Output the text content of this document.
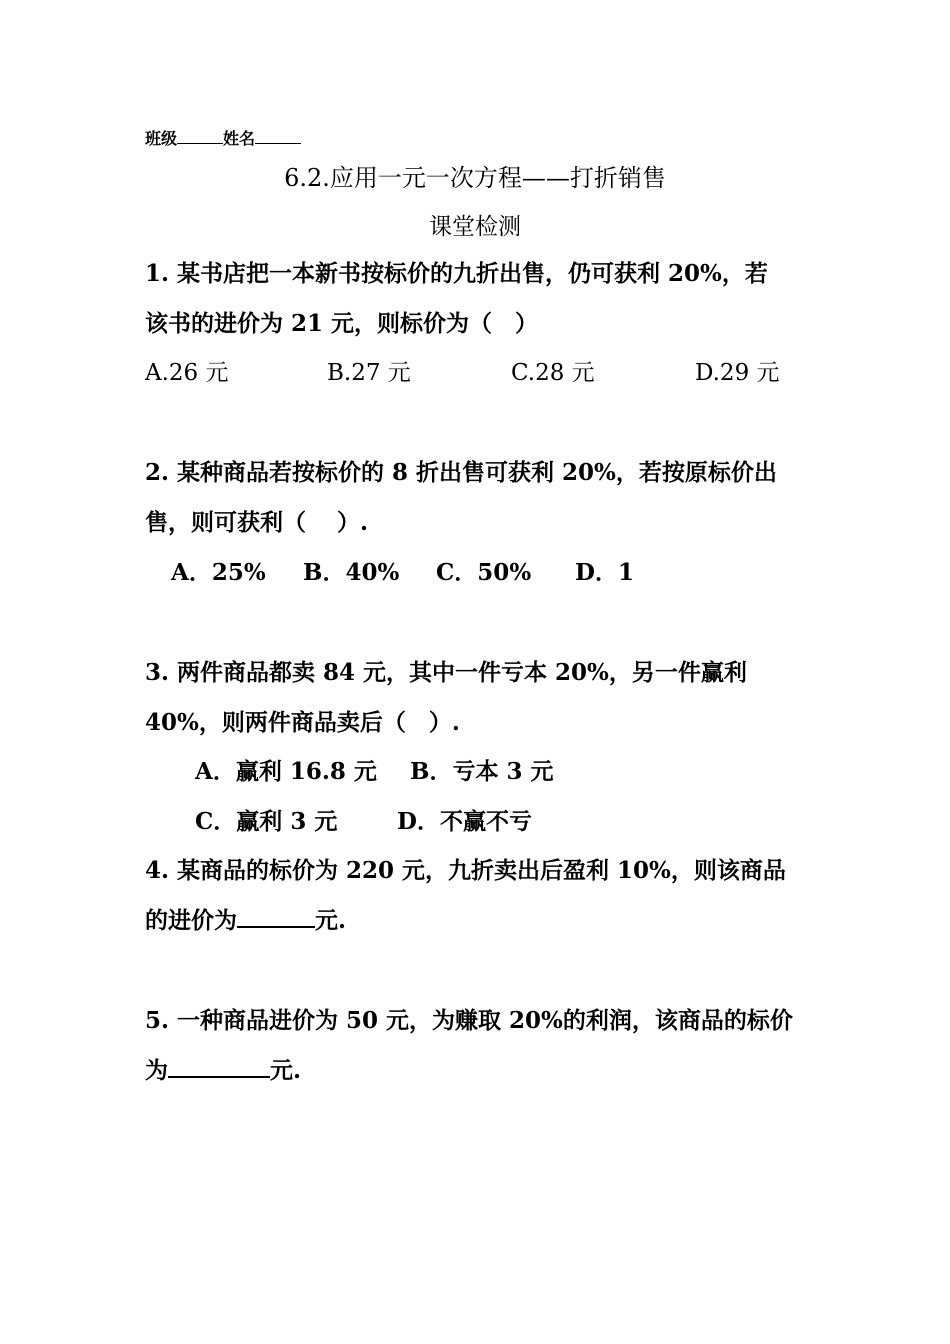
班级	姓名
6.2.应用一元一次方程——打折销售
课堂检测
1. 某书店把一本新书按标价的九折出售，仍可获利 20%，若
该书的进价为 21 元，则标价为（　）
A.26 元	B.27 元	C.28 元	D.29 元
2. 某种商品若按标价的 8 折出售可获利 20%，若按原标价出
售，则可获利（　 ）.
A．25% B．40% C．50% D．1
3. 两件商品都卖 84 元，其中一件亏本 20%，另一件赢利
40%，则两件商品卖后（　）.
A．赢利 16.8 元 B．亏本 3 元
C．赢利 3 元	D．不赢不亏
4. 某商品的标价为 220 元，九折卖出后盈利 10%，则该商品
的进价为	元.
5. 一种商品进价为 50 元，为赚取 20%的利润，该商品的标价
为	元.
